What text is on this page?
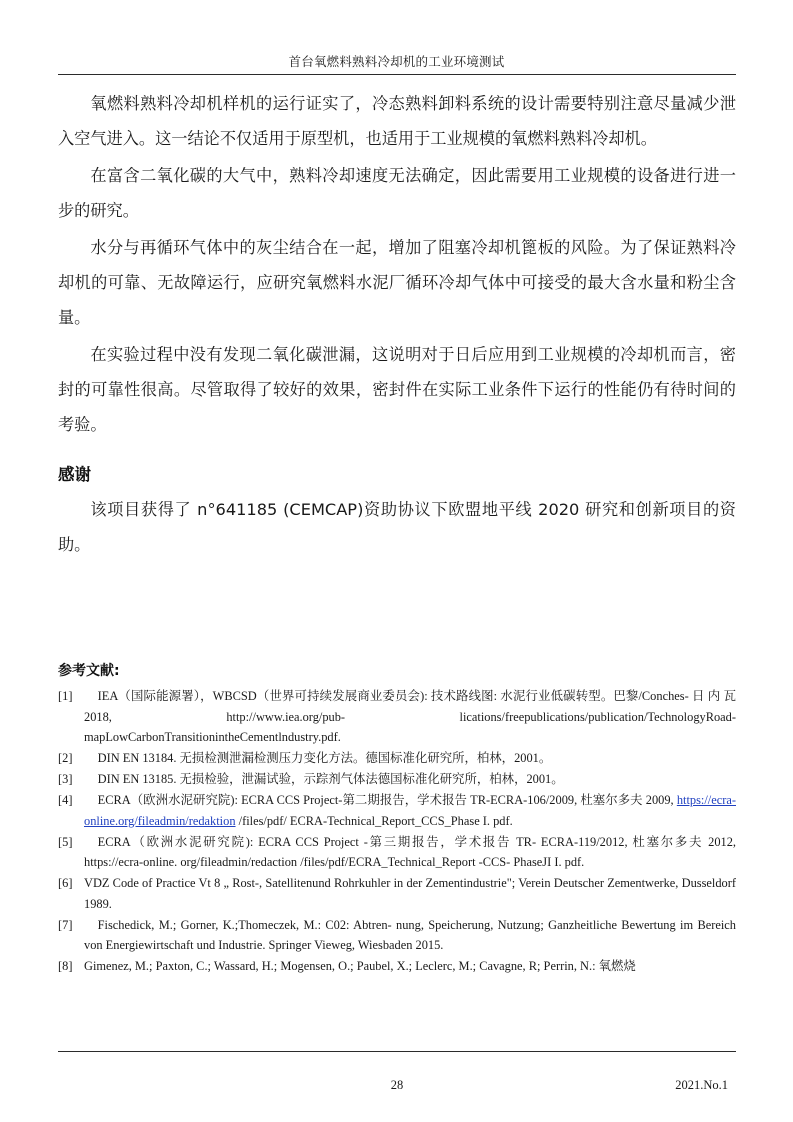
首台氧燃料熟料冷却机的工业环境测试

氧燃料熟料冷却机样机的运行证实了，冷态熟料卸料系统的设计需要特别注意尽量减少泄入空气进入。这一结论不仅适用于原型机，也适用于工业规模的氧燃料熟料冷却机。

在富含二氧化碳的大气中，熟料冷却速度无法确定，因此需要用工业规模的设备进行进一步的研究。

水分与再循环气体中的灰尘结合在一起，增加了阻塞冷却机篦板的风险。为了保证熟料冷却机的可靠、无故障运行，应研究氧燃料水泥厂循环冷却气体中可接受的最大含水量和粉尘含量。

在实验过程中没有发现二氧化碳泄漏，这说明对于日后应用到工业规模的冷却机而言，密封的可靠性很高。尽管取得了较好的效果，密封件在实际工业条件下运行的性能仍有待时间的考验。

感谢

该项目获得了 n°641185 (CEMCAP)资助协议下欧盟地平线 2020 研究和创新项目的资助。

参考文献:
[1]	IEA（国际能源署），WBCSD（世界可持续发展商业委员会): 技术路线图: 水泥行业低碳转型。巴黎/Conches- 日 内 瓦 2018, http://www.iea.org/pub- lications/freepublications/publication/TechnologyRoad-mapLowCarbonTransitionintheCementlndustry.pdf.
[2]	DIN EN 13184. 无损检测泄漏检测压力变化方法。德国标准化研究所，柏林，2001。
[3]	DIN EN 13185. 无损检验，泄漏试验，示踪剂气体法德国标准化研究所，柏林，2001。
[4]	ECRA（欧洲水泥研究院): ECRA CCS Project-第二期报告，学术报告 TR-ECRA-106/2009, 杜塞尔多夫 2009, https://ecra-online.org/fileadmin/redaktion /files/pdf/ ECRA-Technical_Report_CCS_Phase I. pdf.
[5]	ECRA（欧洲水泥研究院): ECRA CCS Project -第三期报告，学术报告 TR- ECRA-119/2012, 杜塞尔多夫 2012, https://ecra-online. org/fileadmin/redaction /files/pdf/ECRA_Technical_Report -CCS- PhaseJI I. pdf.
[6] VDZ Code of Practice Vt 8 „ Rost-, Satellitenund Rohrkuhler in der Zementindustrie"; Verein Deutscher Zementwerke, Dusseldorf 1989.
[7]	Fischedick, M.; Gorner, K.;Thomeczek, M.: C02: Abtren- nung, Speicherung, Nutzung; Ganzheitliche Bewertung im Bereich von Energiewirtschaft und Industrie. Springer Vieweg, Wiesbaden 2015.
[8] Gimenez, M.; Paxton, C.; Wassard, H.; Mogensen, O.; Paubel, X.; Leclerc, M.; Cavagne, R; Perrin, N.: 氧燃烧
28	2021.No.1
